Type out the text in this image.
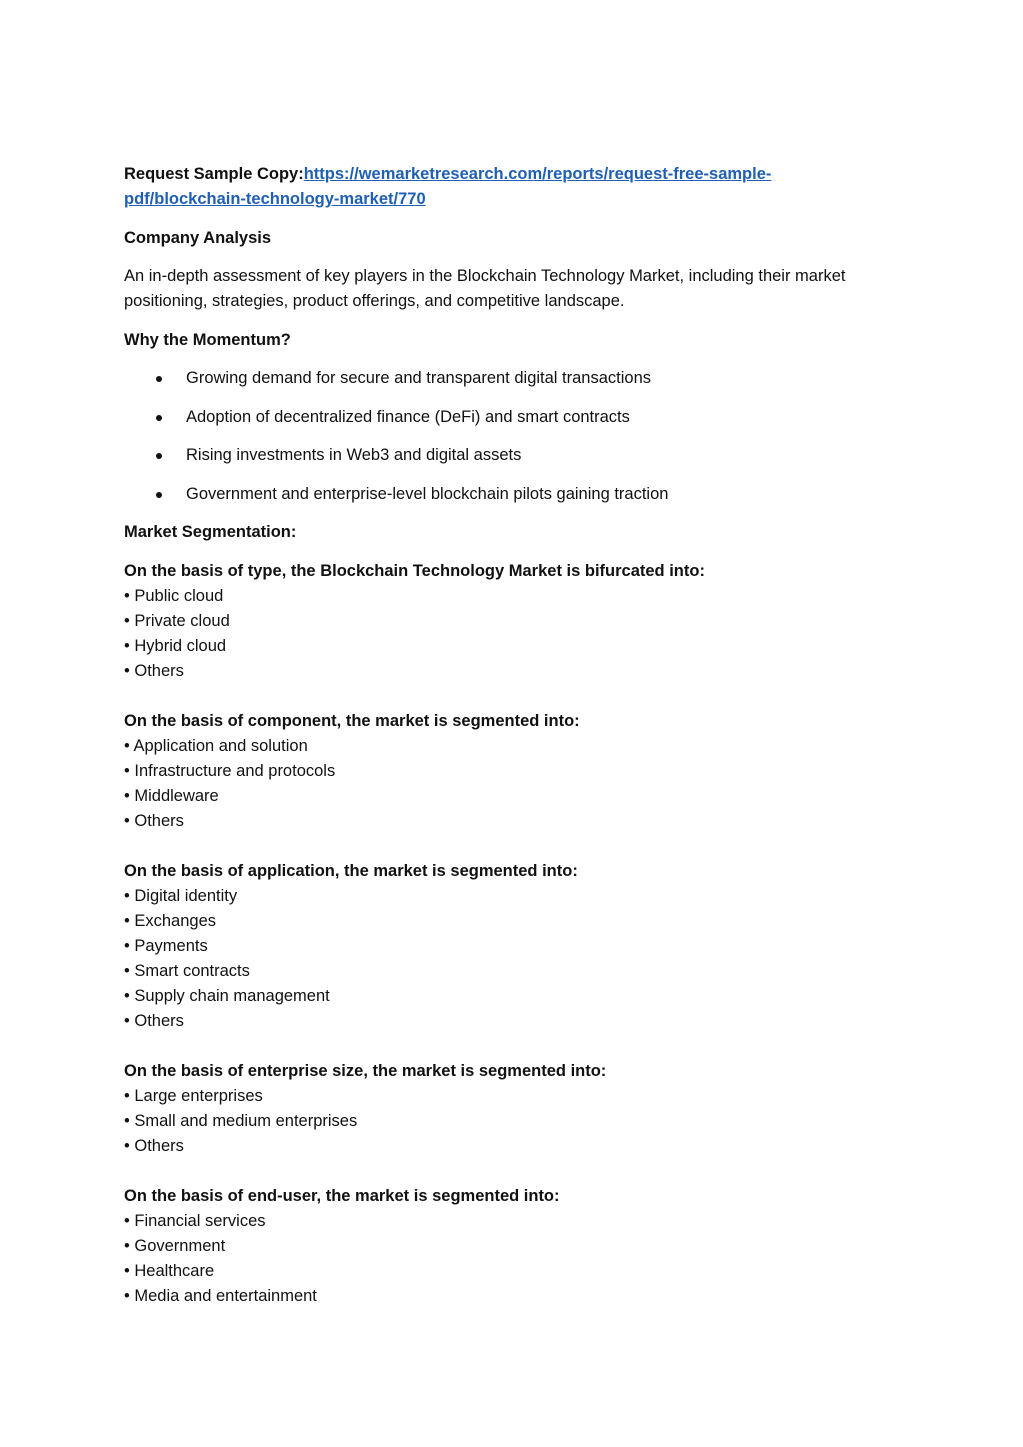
Request Sample Copy:https://wemarketresearch.com/reports/request-free-sample-
pdf/blockchain-technology-market/770
Company Analysis
An in-depth assessment of key players in the Blockchain Technology Market, including their market
positioning, strategies, product offerings, and competitive landscape.
Why the Momentum?
Growing demand for secure and transparent digital transactions
Adoption of decentralized finance (DeFi) and smart contracts
Rising investments in Web3 and digital assets
Government and enterprise-level blockchain pilots gaining traction
Market Segmentation:
On the basis of type, the Blockchain Technology Market is bifurcated into:
• Public cloud
• Private cloud
• Hybrid cloud
• Others
On the basis of component, the market is segmented into:
• Application and solution
• Infrastructure and protocols
• Middleware
• Others
On the basis of application, the market is segmented into:
• Digital identity
• Exchanges
• Payments
• Smart contracts
• Supply chain management
• Others
On the basis of enterprise size, the market is segmented into:
• Large enterprises
• Small and medium enterprises
• Others
On the basis of end-user, the market is segmented into:
• Financial services
• Government
• Healthcare
• Media and entertainment
